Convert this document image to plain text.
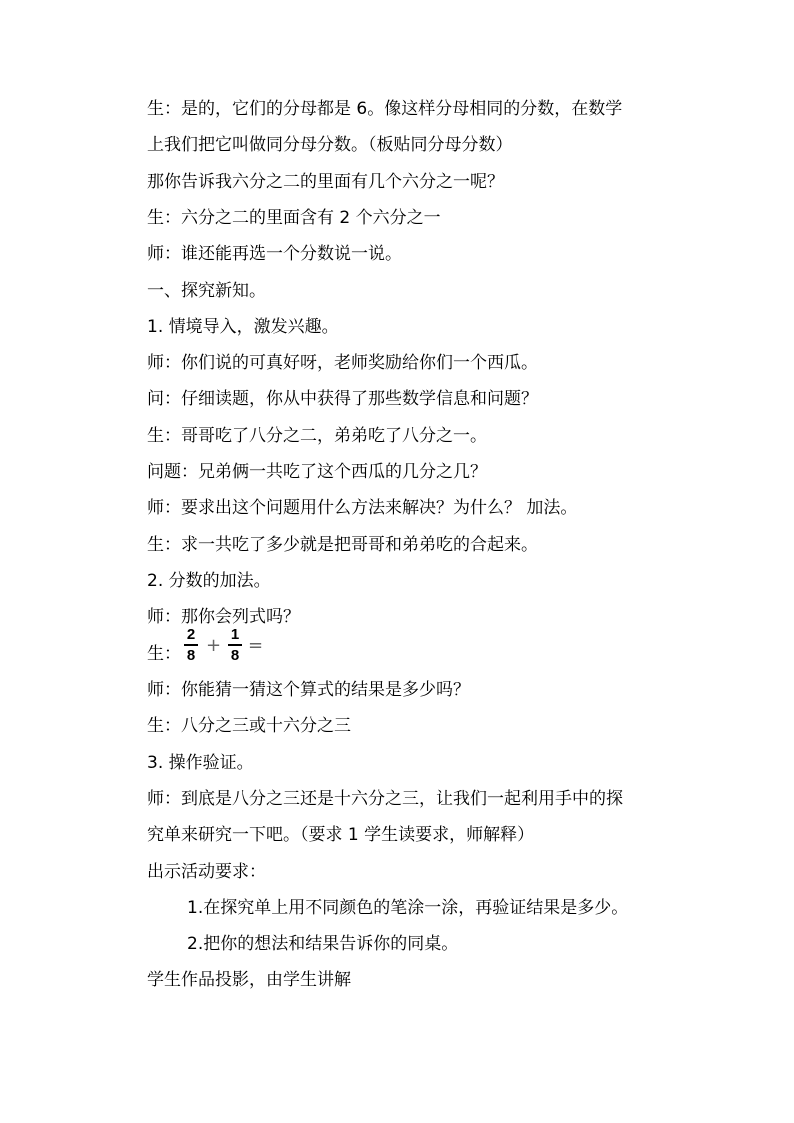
生：是的，它们的分母都是 6。像这样分母相同的分数，在数学
上我们把它叫做同分母分数。（板贴同分母分数）
那你告诉我六分之二的里面有几个六分之一呢？
生：六分之二的里面含有 2 个六分之一
师：谁还能再选一个分数说一说。
一、探究新知。
1. 情境导入，激发兴趣。
师：你们说的可真好呀，老师奖励给你们一个西瓜。
问：仔细读题，你从中获得了那些数学信息和问题？
生：哥哥吃了八分之二，弟弟吃了八分之一。
问题：兄弟俩一共吃了这个西瓜的几分之几？
师：要求出这个问题用什么方法来解决？为什么？ 加法。
生：求一共吃了多少就是把哥哥和弟弟吃的合起来。
2. 分数的加法。
师：那你会列式吗？
生：
2
8 +
1
8 =
师：你能猜一猜这个算式的结果是多少吗？
生：八分之三或十六分之三
3. 操作验证。
师：到底是八分之三还是十六分之三，让我们一起利用手中的探
究单来研究一下吧。（要求 1 学生读要求，师解释）
出示活动要求：
1.在探究单上用不同颜色的笔涂一涂，再验证结果是多少。
2.把你的想法和结果告诉你的同桌。
学生作品投影，由学生讲解
